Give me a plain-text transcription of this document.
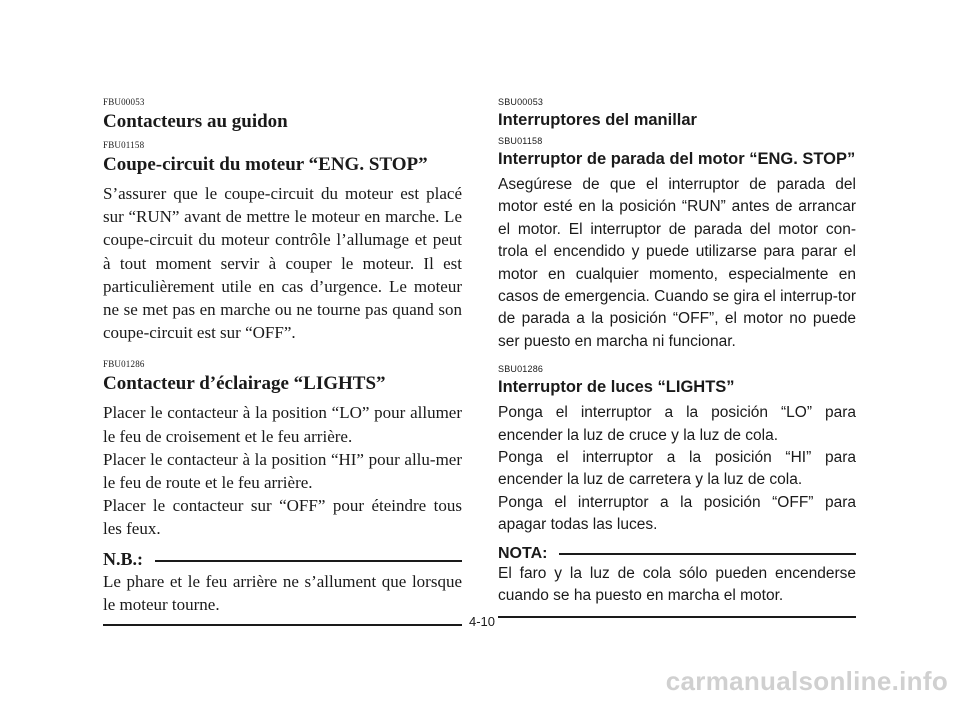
FBU00053

Contacteurs au guidon

FBU01158

Coupe-circuit du moteur “ENG. STOP”

S’assurer que le coupe-circuit du moteur est placé sur “RUN” avant de mettre le moteur en marche. Le coupe-circuit du moteur contrôle l’allumage et peut à tout moment servir à couper le moteur. Il est particulièrement utile en cas d’urgence. Le moteur ne se met pas en marche ou ne tourne pas quand son coupe-circuit est sur “OFF”.

FBU01286

Contacteur d’éclairage “LIGHTS”

Placer le contacteur à la position “LO” pour allumer le feu de croisement et le feu arrière.

Placer le contacteur à la position “HI” pour allu-mer le feu de route et le feu arrière.

Placer le contacteur sur “OFF” pour éteindre tous les feux.

N.B.:

Le phare et le feu arrière ne s’allument que lorsque le moteur tourne.

SBU00053

Interruptores del manillar

SBU01158

Interruptor de parada del motor “ENG. STOP”

Asegúrese de que el interruptor de parada del motor esté en la posición “RUN” antes de arrancar el motor. El interruptor de parada del motor con-trola el encendido y puede utilizarse para parar el motor en cualquier momento, especialmente en casos de emergencia. Cuando se gira el interrup-tor de parada a la posición “OFF”, el motor no puede ser puesto en marcha ni funcionar.

SBU01286

Interruptor de luces “LIGHTS”

Ponga el interruptor a la posición “LO” para encender la luz de cruce y la luz de cola.

Ponga el interruptor a la posición “HI” para encender la luz de carretera y la luz de cola.

Ponga el interruptor a la posición “OFF” para apagar todas las luces.

NOTA:

El faro y la luz de cola sólo pueden encenderse cuando se ha puesto en marcha el motor.

4-10
carmanualsonline.info
